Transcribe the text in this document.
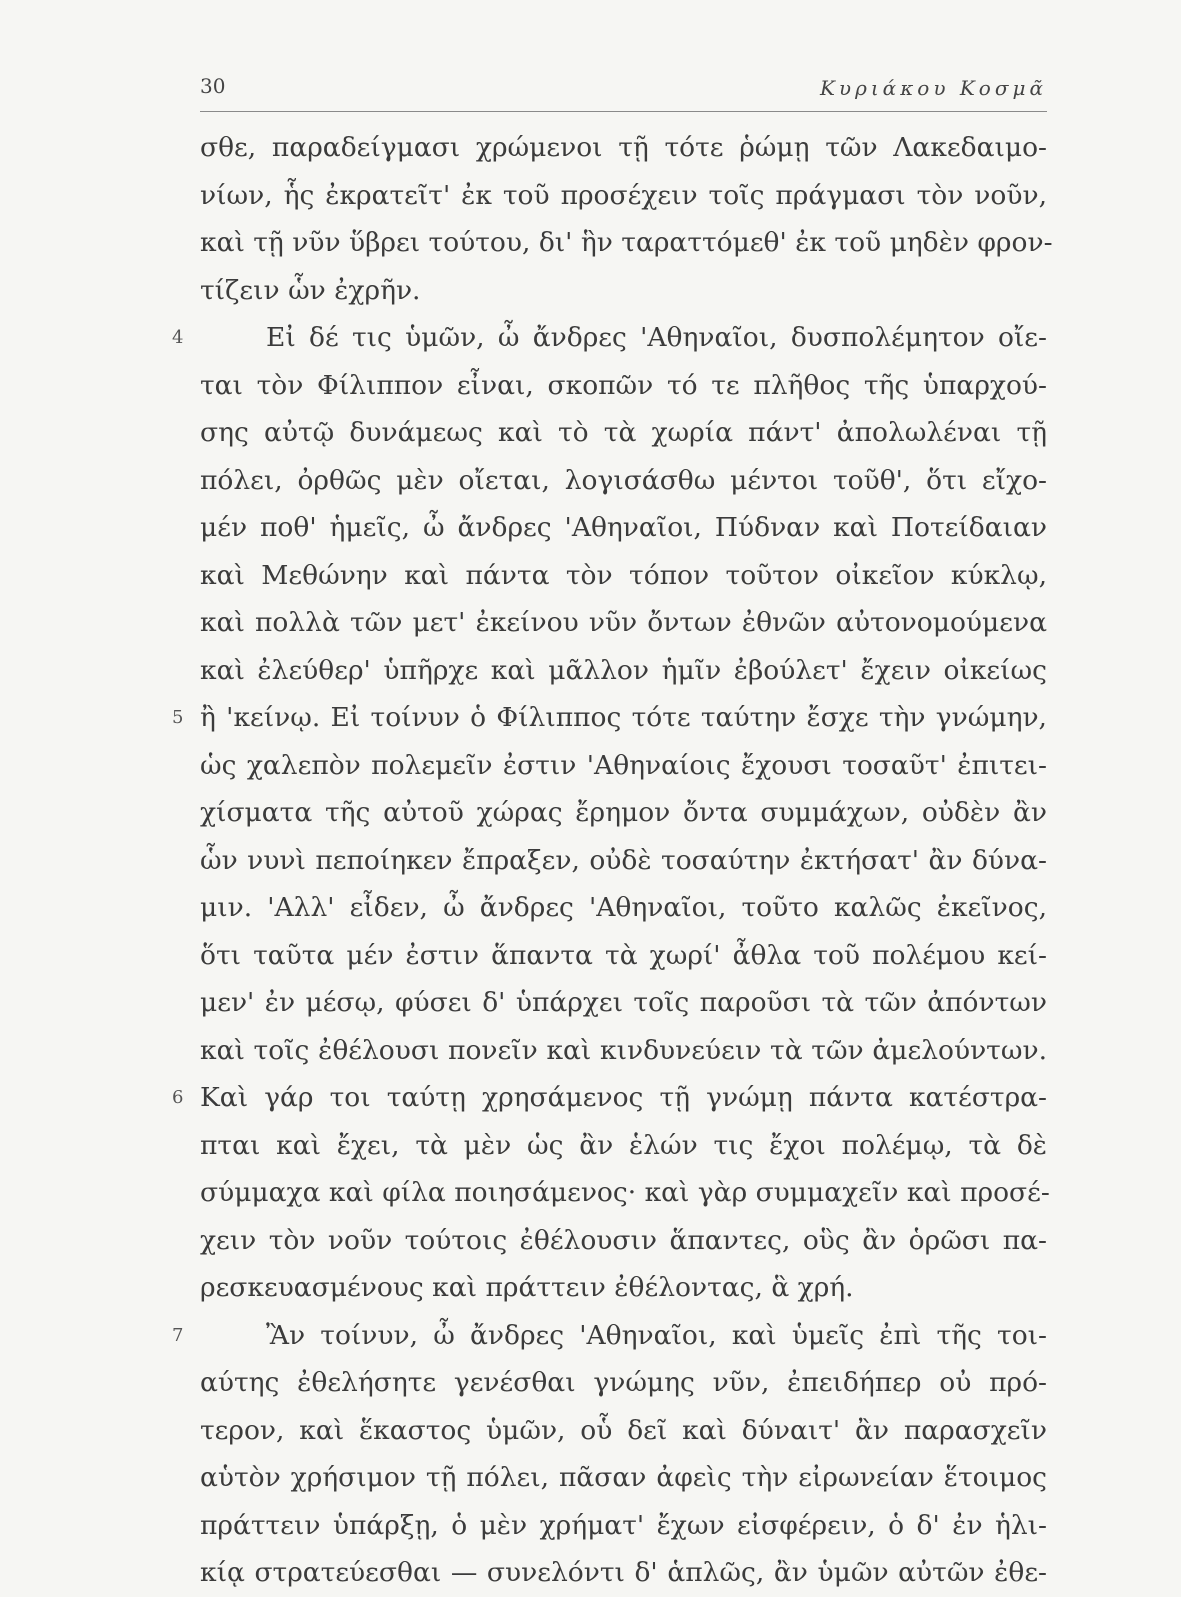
30	Κυριάκου Κοσμᾶ
σθε, παραδείγμασι χρώμενοι τῇ τότε ῥώμῃ τῶν Λακεδαιμο-
νίων, ἧς ἐκρατεῖτ' ἐκ τοῦ προσέχειν τοῖς πράγμασι τὸν νοῦν,
καὶ τῇ νῦν ὕβρει τούτου, δι' ἣν ταραττόμεθ' ἐκ τοῦ μηδὲν φρον-
τίζειν ὧν ἐχρῆν.
4	Εἰ δέ τις ὑμῶν, ὦ ἄνδρες 'Αθηναῖοι, δυσπολέμητον οἴε-
ται τὸν Φίλιππον εἶναι, σκοπῶν τό τε πλῆθος τῆς ὑπαρχού-
σης αὐτῷ δυνάμεως καὶ τὸ τὰ χωρία πάντ' ἀπολωλέναι τῇ
πόλει, ὀρθῶς μὲν οἴεται, λογισάσθω μέντοι τοῦθ', ὅτι εἴχο-
μέν ποθ' ἡμεῖς, ὦ ἄνδρες 'Αθηναῖοι, Πύδναν καὶ Ποτείδαιαν
καὶ Μεθώνην καὶ πάντα τὸν τόπον τοῦτον οἰκεῖον κύκλῳ,
καὶ πολλὰ τῶν μετ' ἐκείνου νῦν ὄντων ἐθνῶν αὐτονομούμενα
καὶ ἐλεύθερ' ὑπῆρχε καὶ μᾶλλον ἡμῖν ἐβούλετ' ἔχειν οἰκείως
5 ἢ 'κείνῳ. Εἰ τοίνυν ὁ Φίλιππος τότε ταύτην ἔσχε τὴν γνώμην,
ὡς χαλεπὸν πολεμεῖν ἐστιν 'Αθηναίοις ἔχουσι τοσαῦτ' ἐπιτει-
χίσματα τῆς αὐτοῦ χώρας ἔρημον ὄντα συμμάχων, οὐδὲν ἂν
ὧν νυνὶ πεποίηκεν ἔπραξεν, οὐδὲ τοσαύτην ἐκτήσατ' ἂν δύνα-
μιν. 'Αλλ' εἶδεν, ὦ ἄνδρες 'Αθηναῖοι, τοῦτο καλῶς ἐκεῖνος,
ὅτι ταῦτα μέν ἐστιν ἅπαντα τὰ χωρί' ἆθλα τοῦ πολέμου κεί-
μεν' ἐν μέσῳ, φύσει δ' ὑπάρχει τοῖς παροῦσι τὰ τῶν ἀπόντων
καὶ τοῖς ἐθέλουσι πονεῖν καὶ κινδυνεύειν τὰ τῶν ἀμελούντων.
6 Καὶ γάρ τοι ταύτῃ χρησάμενος τῇ γνώμῃ πάντα κατέστρα-
πται καὶ ἔχει, τὰ μὲν ὡς ἂν ἑλών τις ἔχοι πολέμῳ, τὰ δὲ
σύμμαχα καὶ φίλα ποιησάμενος· καὶ γὰρ συμμαχεῖν καὶ προσέ-
χειν τὸν νοῦν τούτοις ἐθέλουσιν ἅπαντες, οὓς ἂν ὁρῶσι πα-
ρεσκευασμένους καὶ πράττειν ἐθέλοντας, ἃ χρή.
7	Ἂν τοίνυν, ὦ ἄνδρες 'Αθηναῖοι, καὶ ὑμεῖς ἐπὶ τῆς τοι-
αύτης ἐθελήσητε γενέσθαι γνώμης νῦν, ἐπειδήπερ οὐ πρό-
τερον, καὶ ἕκαστος ὑμῶν, οὗ δεῖ καὶ δύναιτ' ἂν παρασχεῖν
αὑτὸν χρήσιμον τῇ πόλει, πᾶσαν ἀφεὶς τὴν εἰρωνείαν ἕτοιμος
πράττειν ὑπάρξῃ, ὁ μὲν χρήματ' ἔχων εἰσφέρειν, ὁ δ' ἐν ἡλι-
κίᾳ στρατεύεσθαι — συνελόντι δ' ἁπλῶς, ἂν ὑμῶν αὐτῶν ἐθε-
